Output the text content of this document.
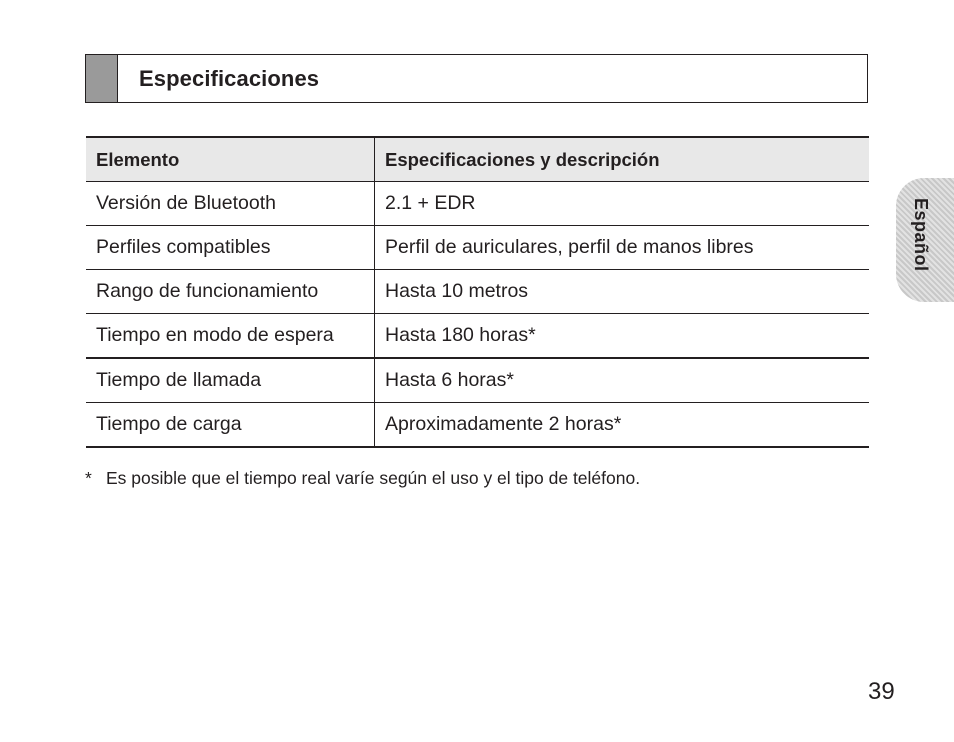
Especificaciones
Elemento	Especificaciones y descripción
Versión de Bluetooth	2.1 + EDR
Perfiles compatibles	Perfil de auriculares, perfil de manos libres
Rango de funcionamiento	Hasta 10 metros
Tiempo en modo de espera	Hasta 180 horas*
Tiempo de llamada	Hasta 6 horas*
Tiempo de carga	Aproximadamente 2 horas*
* Es posible que el tiempo real varíe según el uso y el tipo de teléfono.
Español
39
